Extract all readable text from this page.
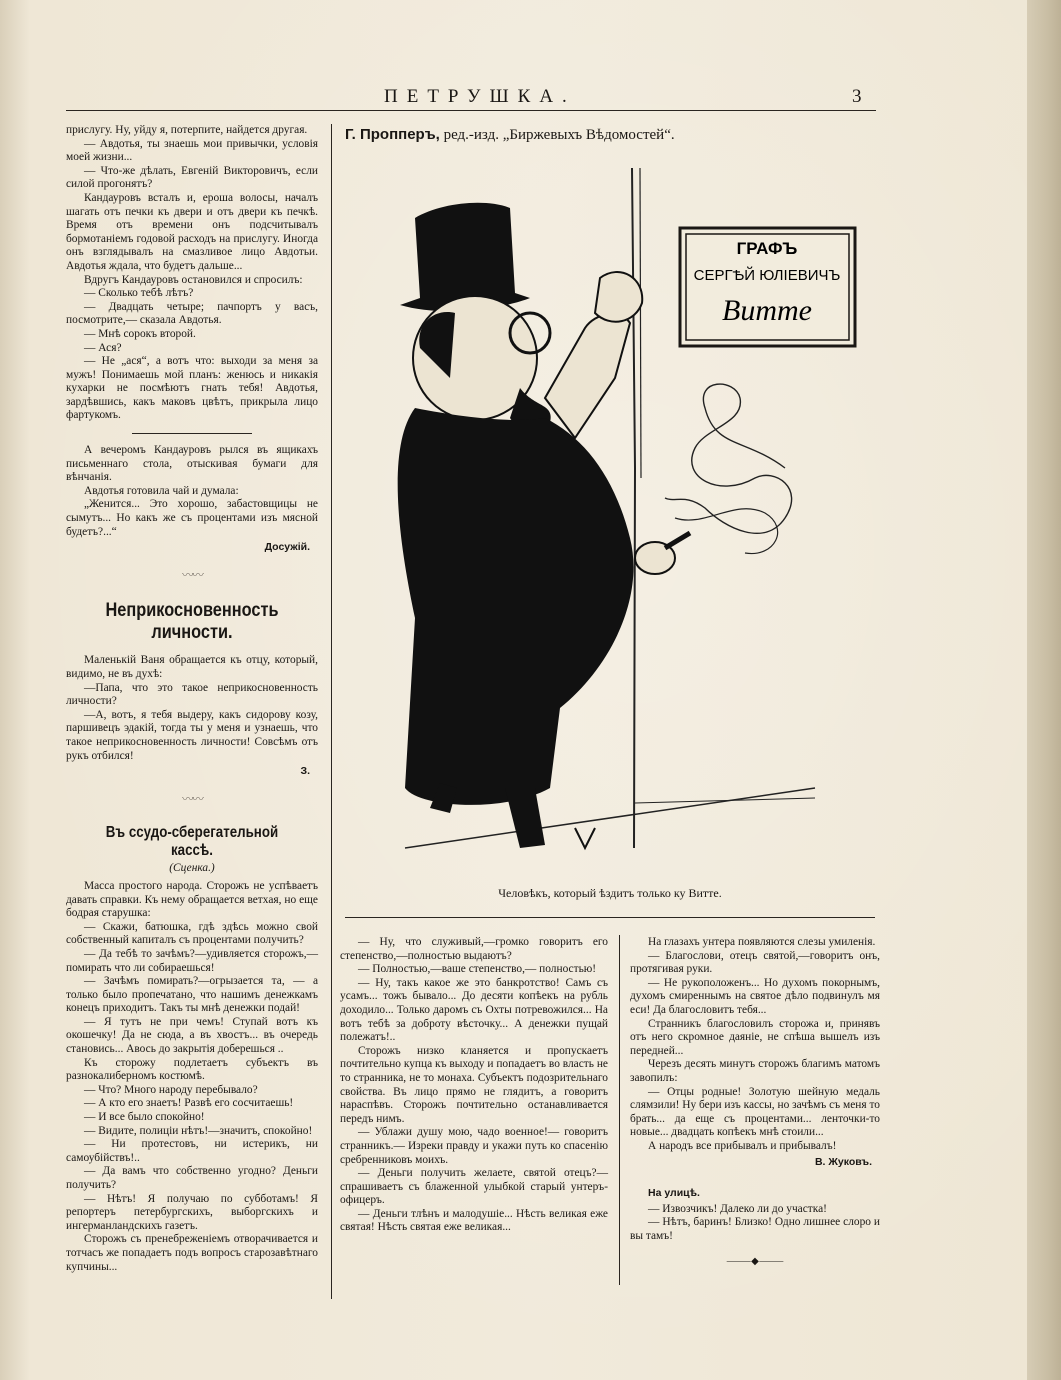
ПЕТРУШКА.	3

прислугу. Ну, уйду я, потерпите, найдется другая.

— Авдотья, ты знаешь мои привычки, условія моей жизни...

— Что-же дѣлать, Евгеній Викторовичъ, если силой прогонятъ?

Кандауровъ всталъ и, ероша волосы, началъ шагать отъ печки къ двери и отъ двери къ печкѣ. Время отъ времени онъ подсчитывалъ бормотаніемъ годовой расходъ на прислугу. Иногда онъ взглядывалъ на смазливое лицо Авдотьи. Авдотья ждала, что будетъ дальше...

Вдругъ Кандауровъ остановился и спросилъ:

— Сколько тебѣ лѣтъ?

— Двадцать четыре; пачпортъ у васъ, посмотрите,— сказала Авдотья.

— Мнѣ сорокъ второй.

— Ася?

— Не „ася“, а вотъ что: выходи за меня за мужъ! Понимаешь мой планъ: женюсь и никакія кухарки не посмѣютъ гнать тебя! Авдотья, зардѣвшись, какъ маковъ цвѣтъ, прикрыла лицо фартукомъ.

А вечеромъ Кандауровъ рылся въ ящикахъ письменнаго стола, отыскивая бумаги для вѣнчанія.

Авдотья готовила чай и думала:

„Женится... Это хорошо, забастовщицы не сымутъ... Но какъ же съ процентами изъ мясной будетъ?...“

Досужій.
〰〰
Неприкосновенность личности.

Маленькій Ваня обращается къ отцу, который, видимо, не въ духѣ:

—Папа, что это такое неприкосновенность личности?

—А, вотъ, я тебя выдеру, какъ сидорову козу, паршивецъ эдакій, тогда ты у меня и узнаешь, что такое неприкосновенность личности! Совсѣмъ отъ рукъ отбился!

З.
〰〰
Въ ссудо-сберегательной кассѣ.
(Сценка.)

Масса простого народа. Сторожъ не успѣваетъ давать справки. Къ нему обращается ветхая, но еще бодрая старушка:

— Скажи, батюшка, гдѣ здѣсь можно свой собственный капиталъ съ процентами получить?

— Да тебѣ то зачѣмъ?—удивляется сторожъ,—помирать что ли собираешься!

— Зачѣмъ помирать?—огрызается та, — а только было пропечатано, что нашимъ денежкамъ конецъ приходитъ. Такъ ты мнѣ денежки подай!

— Я тутъ не при чемъ! Ступай вотъ къ окошечку! Да не сюда, а въ хвостъ... въ очередь становись... Авось до закрытія доберешься ..

Къ сторожу подлетаетъ субъектъ въ разнокалиберномъ костюмѣ.

— Что? Много народу перебывало?

— А кто его знаетъ! Развѣ его сосчитаешь!

— И все было спокойно!

— Видите, полиціи нѣтъ!—значитъ, спокойно!

— Ни протестовъ, ни истерикъ, ни самоубійствъ!..

— Да вамъ что собственно угодно? Деньги получить?

— Нѣтъ! Я получаю по субботамъ! Я репортеръ петербургскихъ, выборгскихъ и ингерманландскихъ газетъ.

Сторожъ съ пренебреженіемъ отворачивается и тотчасъ же попадаетъ подъ вопросъ старозавѣтнаго купчины...

Г. Пропперъ, ред.-изд. „Биржевыхъ Вѣдомостей“.
ГРАФЪ
СЕРГѢЙ ЮЛІЕВИЧЪ
Витте
Человѣкъ, который ѣздитъ только ку Витте.

— Ну, что служивый,—громко говоритъ его степенство,—полностью выдаютъ?

— Полностью,—ваше степенство,— полностью!

— Ну, такъ какое же это банкротство! Самъ съ усамъ... тожъ бывало... До десяти копѣекъ на рубль доходило... Только даромъ съ Охты потревожился... На вотъ тебѣ за доброту вѣсточку... А денежки пущай полежатъ!..

Сторожъ низко кланяется и пропускаетъ почтительно купца къ выходу и попадаетъ во власть не то странника, не то монаха. Субъектъ подозрительнаго свойства. Въ лицо прямо не глядитъ, а говоритъ нараспѣвъ. Сторожъ почтительно останавливается передъ нимъ.

— Ублажи душу мою, чадо военное!— говоритъ странникъ.— Изреки правду и укажи путь ко спасенію сребренниковъ моихъ.

— Деньги получить желаете, святой отецъ?—спрашиваетъ съ блаженной улыбкой старый унтеръ-офицеръ.

— Деньги тлѣнъ и малодушіе... Нѣсть великая еже святая! Нѣсть святая еже великая...

На глазахъ унтера появляются слезы умиленія.

— Благослови, отецъ святой,—говоритъ онъ, протягивая руки.

— Не рукоположенъ... Но духомъ покорнымъ, духомъ смиреннымъ на святое дѣло подвинулъ мя еси! Да благословитъ тебя...

Странникъ благословилъ сторожа и, принявъ отъ него скромное даяніе, не спѣша вышелъ изъ передней...

Черезъ десять минутъ сторожъ благимъ матомъ завопилъ:

— Отцы родные! Золотую шейную медаль слямзили! Ну бери изъ кассы, но зачѣмъ съ меня то брать... да еще съ процентами... ленточки-то новые... двадцать копѣекъ мнѣ стоили...

А народъ все прибывалъ и прибывалъ!

В. Жуковъ.
На улицѣ.

— Извозчикъ! Далеко ли до участка!

— Нѣтъ, баринъ! Близко! Одно лишнее слоро и вы тамъ!

⸻◆⸻
